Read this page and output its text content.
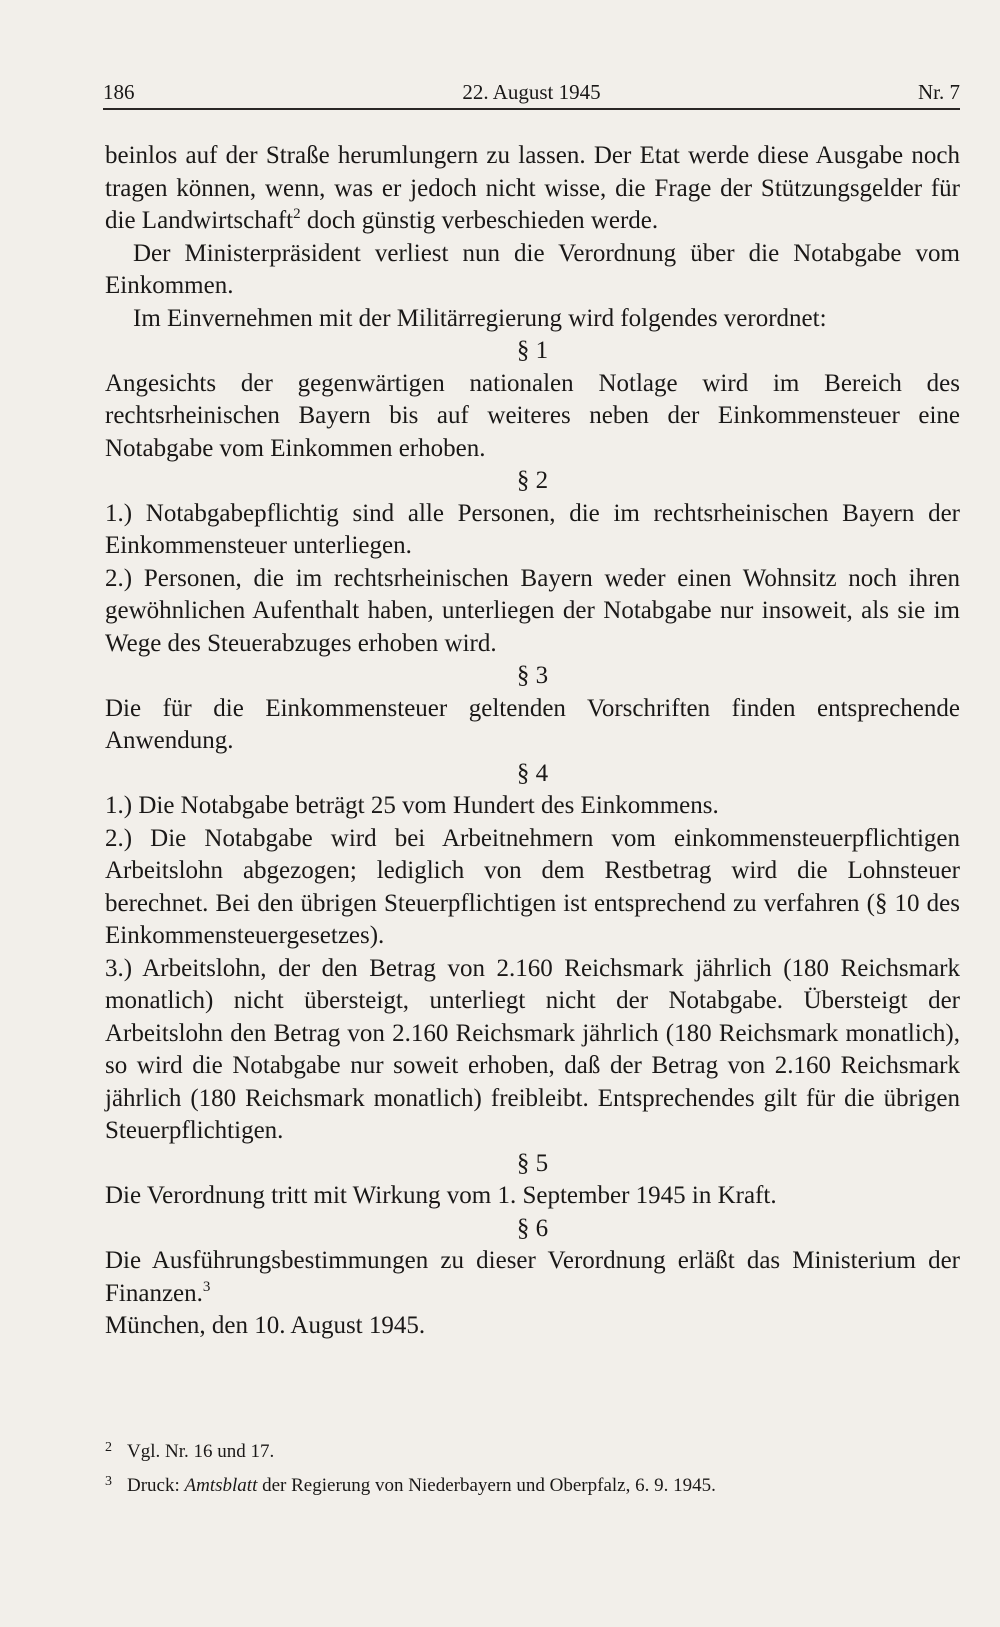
186	22. August 1945	Nr. 7

beinlos auf der Straße herumlungern zu lassen. Der Etat werde diese Ausgabe noch tragen können, wenn, was er jedoch nicht wisse, die Frage der Stützungsgelder für die Landwirtschaft$^2$ doch günstig verbeschieden werde.

Der Ministerpräsident verliest nun die Verordnung über die Notabgabe vom Einkommen.

Im Einvernehmen mit der Militärregierung wird folgendes verordnet:

§ 1

Angesichts der gegenwärtigen nationalen Notlage wird im Bereich des rechtsrheinischen Bayern bis auf weiteres neben der Einkommensteuer eine Notabgabe vom Einkommen erhoben.

§ 2

1.) Notabgabepflichtig sind alle Personen, die im rechtsrheinischen Bayern der Einkommensteuer unterliegen.

2.) Personen, die im rechtsrheinischen Bayern weder einen Wohnsitz noch ihren gewöhnlichen Aufenthalt haben, unterliegen der Notabgabe nur insoweit, als sie im Wege des Steuerabzuges erhoben wird.

§ 3

Die für die Einkommensteuer geltenden Vorschriften finden entsprechende Anwendung.

§ 4

1.) Die Notabgabe beträgt 25 vom Hundert des Einkommens.

2.) Die Notabgabe wird bei Arbeitnehmern vom einkommensteuerpflichtigen Arbeitslohn abgezogen; lediglich von dem Restbetrag wird die Lohnsteuer berechnet. Bei den übrigen Steuerpflichtigen ist entsprechend zu verfahren (§ 10 des Einkommensteuergesetzes).

3.) Arbeitslohn, der den Betrag von 2.160 Reichsmark jährlich (180 Reichsmark monatlich) nicht übersteigt, unterliegt nicht der Notabgabe. Übersteigt der Arbeitslohn den Betrag von 2.160 Reichsmark jährlich (180 Reichsmark monatlich), so wird die Notabgabe nur soweit erhoben, daß der Betrag von 2.160 Reichsmark jährlich (180 Reichsmark monatlich) freibleibt. Entsprechendes gilt für die übrigen Steuerpflichtigen.

§ 5

Die Verordnung tritt mit Wirkung vom 1. September 1945 in Kraft.

§ 6

Die Ausführungsbestimmungen zu dieser Verordnung erläßt das Ministerium der Finanzen.$^3$

München, den 10. August 1945.

2 Vgl. Nr. 16 und 17.

3 Druck: Amtsblatt der Regierung von Niederbayern und Oberpfalz, 6. 9. 1945.
